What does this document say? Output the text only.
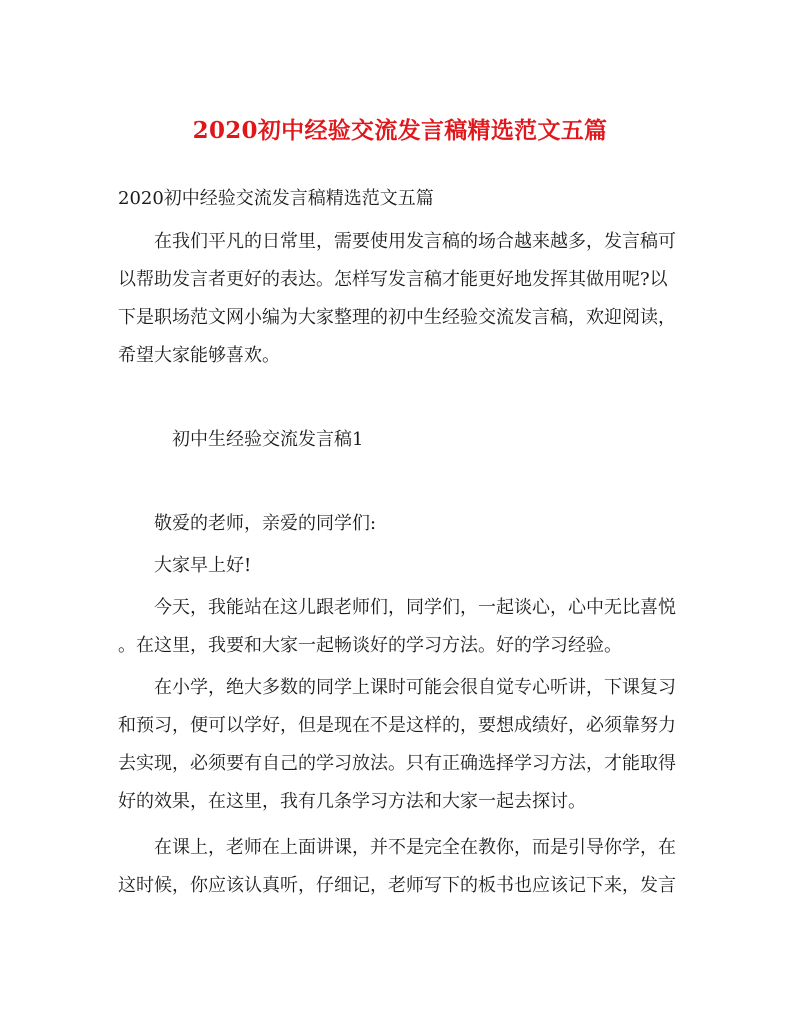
2020初中经验交流发言稿精选范文五篇

2020初中经验交流发言稿精选范文五篇

在我们平凡的日常里，需要使用发言稿的场合越来越多，发言稿可

以帮助发言者更好的表达。怎样写发言稿才能更好地发挥其做用呢?以

下是职场范文网小编为大家整理的初中生经验交流发言稿，欢迎阅读，

希望大家能够喜欢。

初中生经验交流发言稿1

敬爱的老师，亲爱的同学们:

大家早上好!

今天，我能站在这儿跟老师们，同学们，一起谈心，心中无比喜悦

。在这里，我要和大家一起畅谈好的学习方法。好的学习经验。

在小学，绝大多数的同学上课时可能会很自觉专心听讲，下课复习

和预习，便可以学好，但是现在不是这样的，要想成绩好，必须靠努力

去实现，必须要有自己的学习放法。只有正确选择学习方法，才能取得

好的效果，在这里，我有几条学习方法和大家一起去探讨。

在课上，老师在上面讲课，并不是完全在教你，而是引导你学，在

这时候，你应该认真听，仔细记，老师写下的板书也应该记下来，发言
